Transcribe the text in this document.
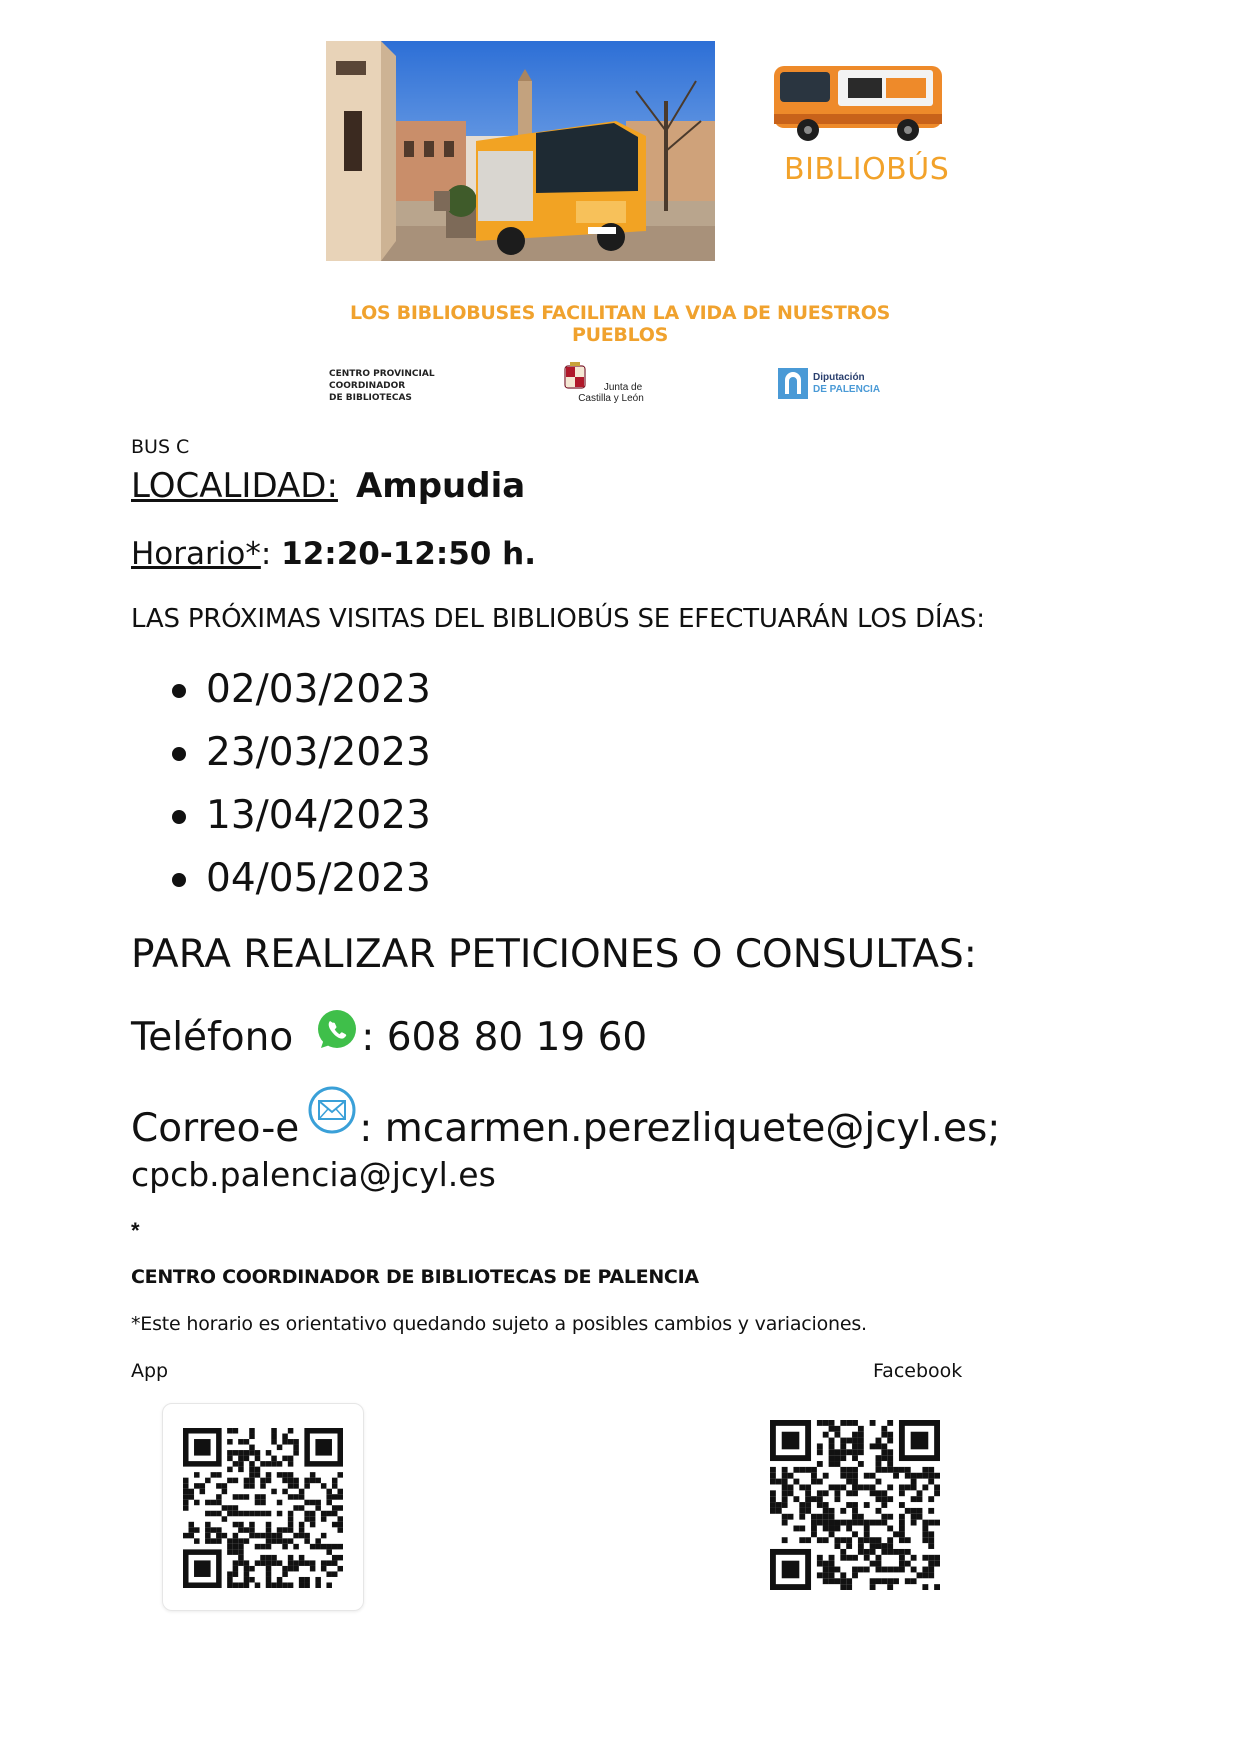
BIBLIOBÚS
LOS BIBLIOBUSES FACILITAN LA VIDA DE NUESTROS PUEBLOS
CENTRO PROVINCIAL
COORDINADOR
DE BIBLIOTECAS
Junta de
Castilla y León
Diputación
DE PALENCIA
BUS C
LOCALIDAD: Ampudia
Horario*: 12:20-12:50 h.
LAS PRÓXIMAS VISITAS DEL BIBLIOBÚS SE EFECTUARÁN LOS DÍAS:
02/03/2023
23/03/2023
13/04/2023
04/05/2023
PARA REALIZAR PETICIONES O CONSULTAS:
Teléfono : 608 80 19 60
Correo-e : mcarmen.perezliquete@jcyl.es;
cpcb.palencia@jcyl.es
*
CENTRO COORDINADOR DE BIBLIOTECAS DE PALENCIA
*Este horario es orientativo quedando sujeto a posibles cambios y variaciones.
App	Facebook
